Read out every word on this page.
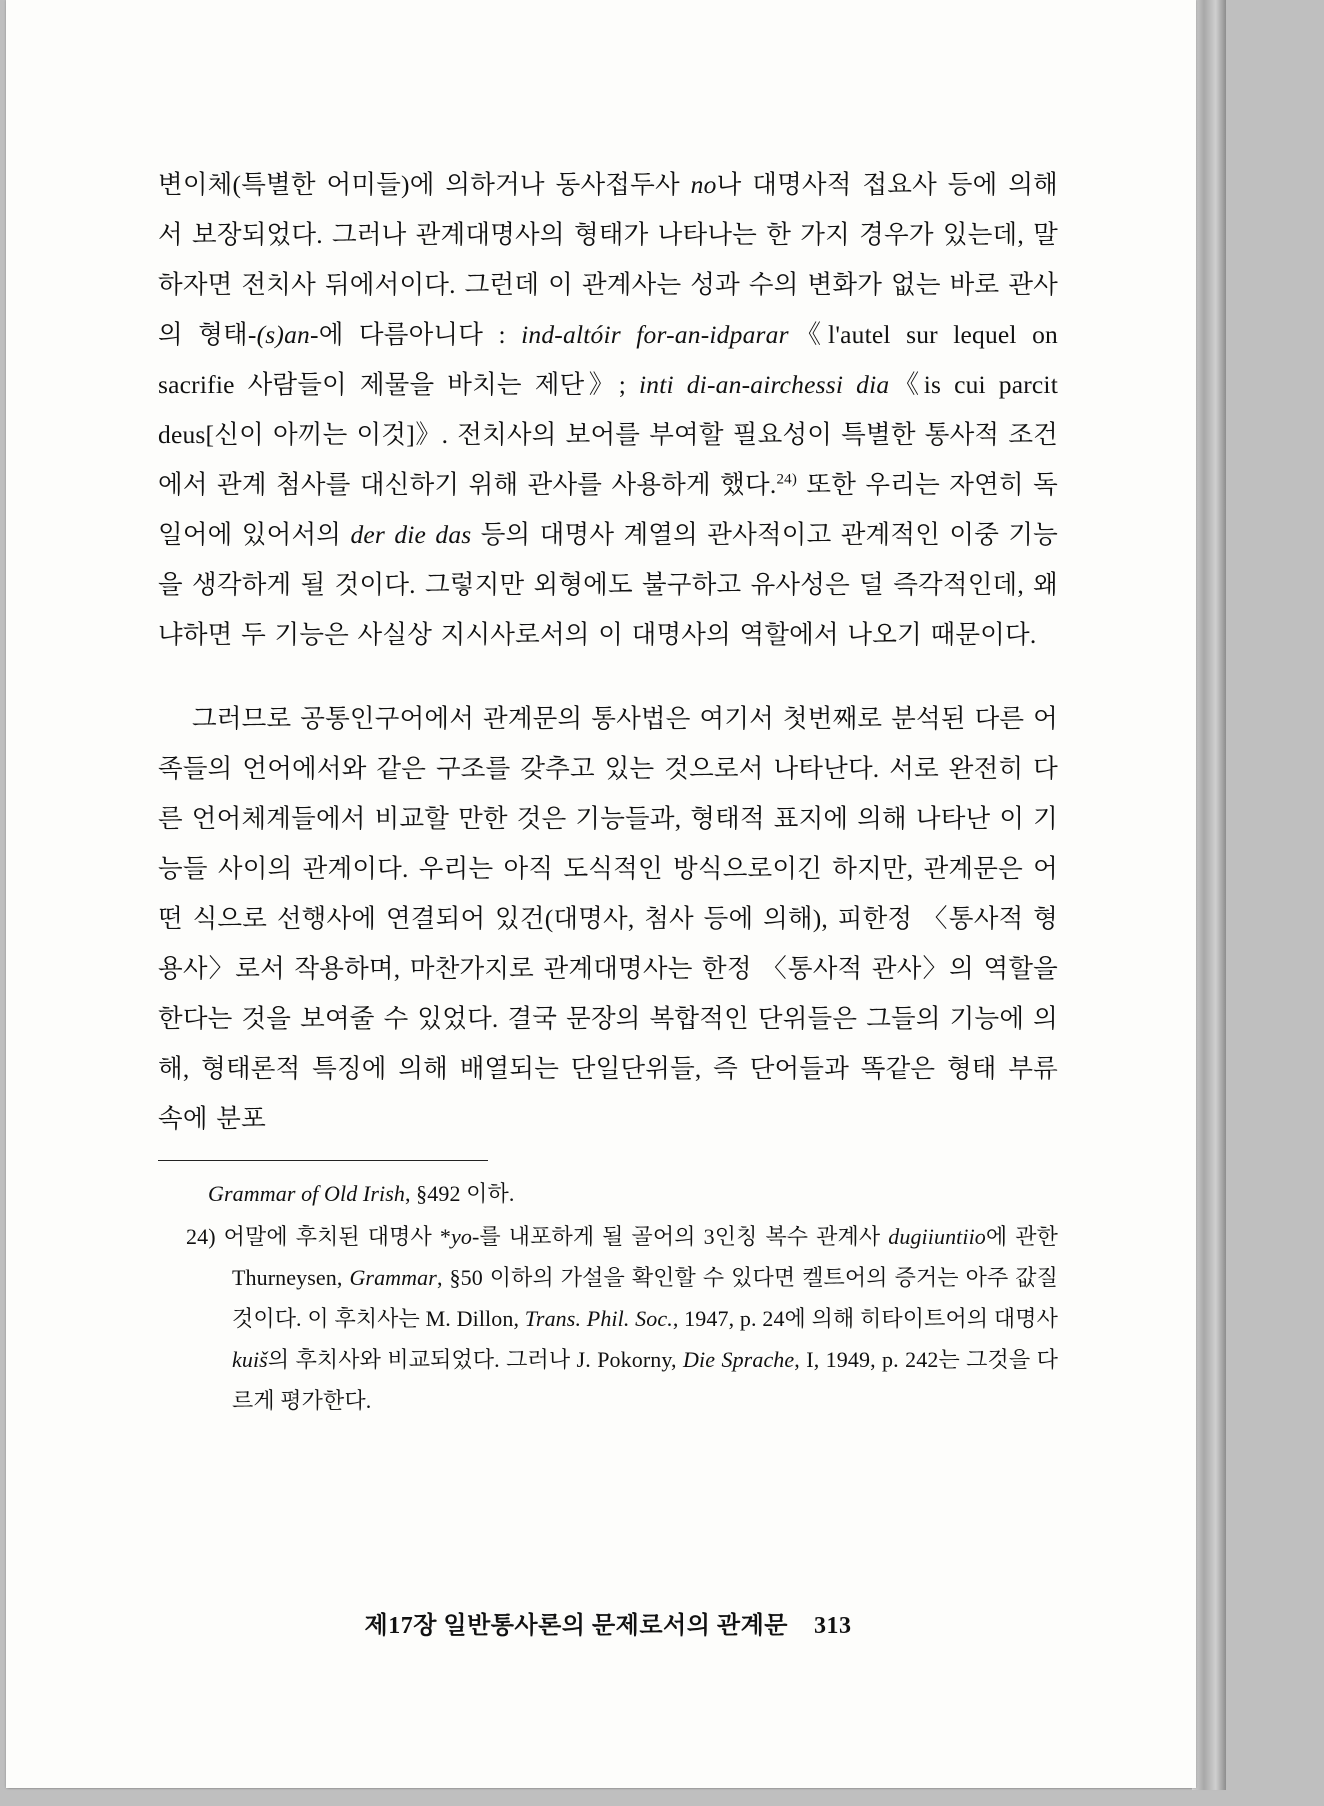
변이체(특별한 어미들)에 의하거나 동사접두사 no나 대명사적 접요사 등에 의해서 보장되었다. 그러나 관계대명사의 형태가 나타나는 한 가지 경우가 있는데, 말하자면 전치사 뒤에서이다. 그런데 이 관계사는 성과 수의 변화가 없는 바로 관사의 형태-(s)an-에 다름아니다 : ind-altóir for-an-idparar《l'autel sur lequel on sacrifie 사람들이 제물을 바치는 제단》; inti di-an-airchessi dia《is cui parcit deus[신이 아끼는 이것]》. 전치사의 보어를 부여할 필요성이 특별한 통사적 조건에서 관계 첨사를 대신하기 위해 관사를 사용하게 했다.$^{24)}$ 또한 우리는 자연히 독일어에 있어서의 der die das 등의 대명사 계열의 관사적이고 관계적인 이중 기능을 생각하게 될 것이다. 그렇지만 외형에도 불구하고 유사성은 덜 즉각적인데, 왜냐하면 두 기능은 사실상 지시사로서의 이 대명사의 역할에서 나오기 때문이다.
그러므로 공통인구어에서 관계문의 통사법은 여기서 첫번째로 분석된 다른 어족들의 언어에서와 같은 구조를 갖추고 있는 것으로서 나타난다. 서로 완전히 다른 언어체계들에서 비교할 만한 것은 기능들과, 형태적 표지에 의해 나타난 이 기능들 사이의 관계이다. 우리는 아직 도식적인 방식으로이긴 하지만, 관계문은 어떤 식으로 선행사에 연결되어 있건(대명사, 첨사 등에 의해), 피한정 〈통사적 형용사〉로서 작용하며, 마찬가지로 관계대명사는 한정 〈통사적 관사〉의 역할을 한다는 것을 보여줄 수 있었다. 결국 문장의 복합적인 단위들은 그들의 기능에 의해, 형태론적 특징에 의해 배열되는 단일단위들, 즉 단어들과 똑같은 형태 부류 속에 분포
Grammar of Old Irish, §492 이하.
24) 어말에 후치된 대명사 *yo-를 내포하게 될 골어의 3인칭 복수 관계사 dugiiuntiio에 관한 Thurneysen, Grammar, §50 이하의 가설을 확인할 수 있다면 켈트어의 증거는 아주 값질 것이다. 이 후치사는 M. Dillon, Trans. Phil. Soc., 1947, p. 24에 의해 히타이트어의 대명사 kuiš의 후치사와 비교되었다. 그러나 J. Pokorny, Die Sprache, I, 1949, p. 242는 그것을 다르게 평가한다.
제17장 일반통사론의 문제로서의 관계문 313
